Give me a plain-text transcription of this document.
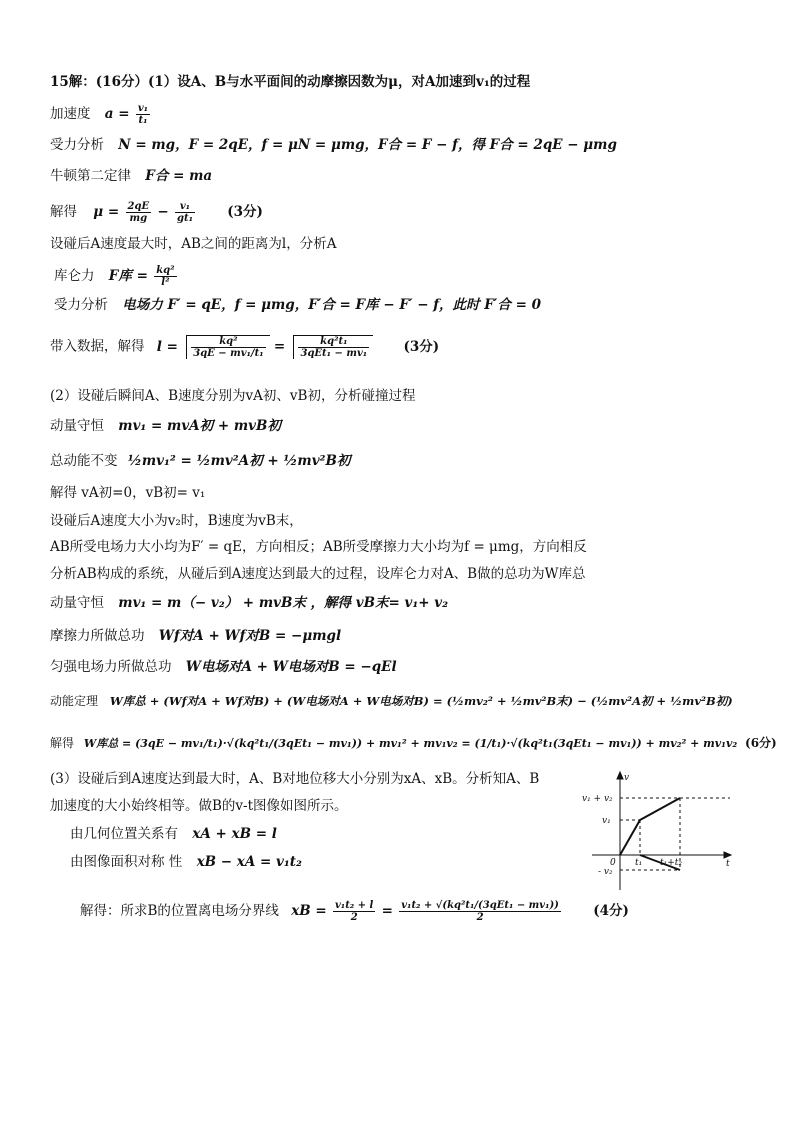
15解：(16分）(1）设A、B与水平面间的动摩擦因数为μ，对A加速到v₁的过程
加速度 $a = \frac{\text{v₁}}{\text{t₁}}$
受力分析 N = mg，F = 2qE，f = μN = μmg，F合 = F − f，得 F合 = 2qE − μmg
牛顿第二定律 F合 = ma
解得 $\mu = \frac{2qE}{mg} - \frac{\text{v₁}}{\text{gt₁}} (3$分)
设碰后A速度最大时，AB之间的距离为l，分析A
库仑力 F库 = $\frac{\text{kq²}}{\text{l²}}$
受力分析 电场力 F′ = qE，f = μmg，F′合 = F库 − F′ − f，此时 F′合 = 0
带入数据，解得 $l = \frac{\text{kq²}}{\text{3qE − mv₁/t₁}}$ =	kq²t₁
3qEt₁ − mv₁	(3分)
(2）设碰后瞬间A、B速度分别为vA初、vB初，分析碰撞过程
动量守恒 mv₁ = mvA初 + mvB初
总动能不变 ½mv₁² = ½mv²A初 + ½mv²B初
解得 vA初=0，vB初= v₁
设碰后A速度大小为v₂时，B速度为vB末，
AB所受电场力大小均为F′ = qE，方向相反；AB所受摩擦力大小均为f = μmg，方向相反
分析AB构成的系统，从碰后到A速度达到最大的过程，设库仑力对A、B做的总功为W库总
动量守恒 mv₁ = m（− v₂） + mvB末 ，解得 vB末= v₁+ v₂
摩擦力所做总功 Wf对A + Wf对B = −μmgl
匀强电场力所做总功 W电场对A + W电场对B = −qEl
动能定理 W库总 + (Wf对A + Wf对B) + (W电场对A + W电场对B) = (½mv₂² + ½mv²B末) − (½mv²A初 + ½mv²B初)
解得 W库总 = (3qE − mv₁/t₁)·√(kq²t₁/(3qEt₁ − mv₁)) + mv₁² + mv₁v₂ = (1/t₁)·√(kq²t₁(3qEt₁ − mv₁)) + mv₂² + mv₁v₂ (6分)
(3）设碰后到A速度达到最大时，A、B对地位移大小分别为xA、xB。分析知A、B
加速度的大小始终相等。做B的v-t图像如图所示。
由几何位置关系有 xA + xB = l
由图像面积对称 性 xB − xA = v₁t₂
解得：所求B的位置离电场分界线 xB = $\frac{\text{v₁t₂ + l}}{2} = v_1t_2 + √(kq^2t_1/(3qEt_1 - mv_1))$
2	(4分)
v
t
0
v₁ + v₂
v₁
- v₂
t₁ t₁+t₂
